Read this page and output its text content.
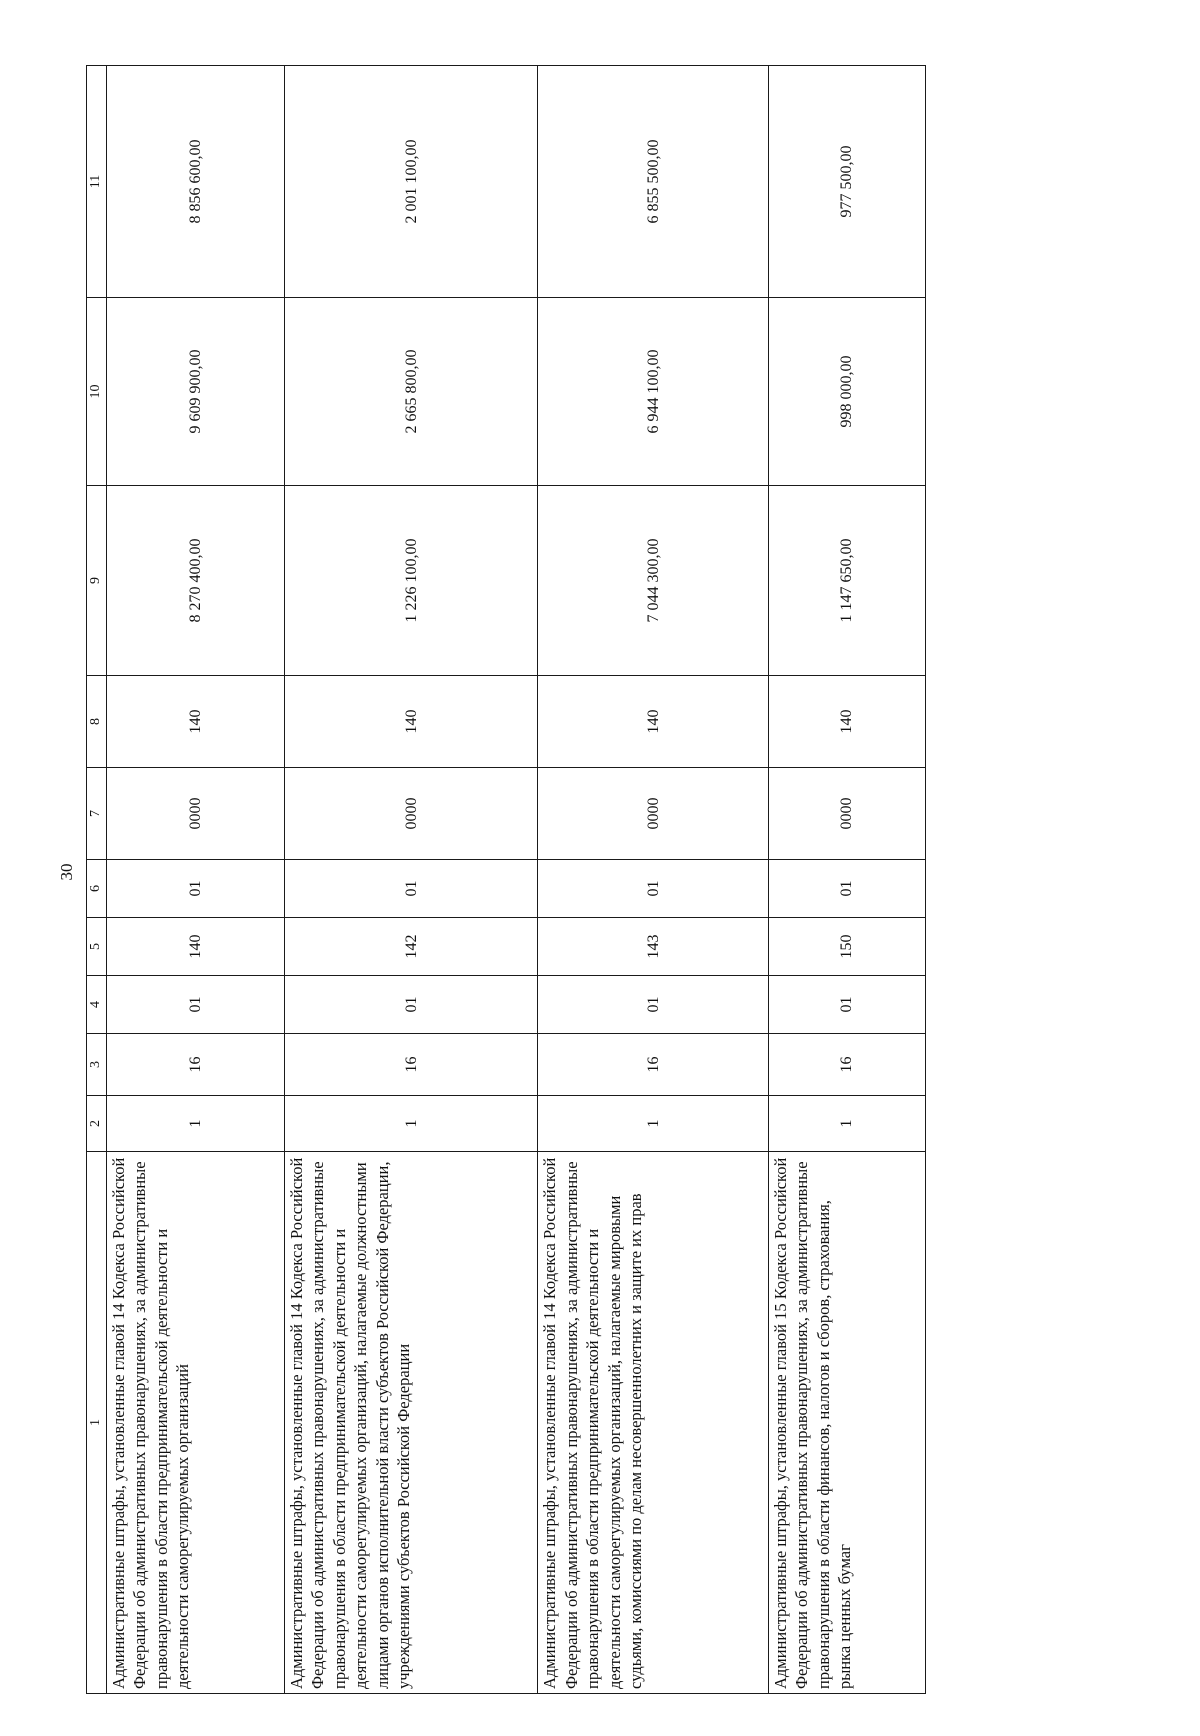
30
1	2	3	4	5	6	7	8	9	10	11
Административные штрафы, установленные главой 14 Кодекса Российской Федерации об административных правонарушениях, за административные правонарушения в области предпринимательской деятельности и деятельности саморегулируемых организаций	1	16	01	140	01	0000	140	8 270 400,00	9 609 900,00	8 856 600,00
Административные штрафы, установленные главой 14 Кодекса Российской Федерации об административных правонарушениях, за административные правонарушения в области предпринимательской деятельности и деятельности саморегулируемых организаций, налагаемые должностными лицами органов исполнительной власти субъектов Российской Федерации, учреждениями субъектов Российской Федерации	1	16	01	142	01	0000	140	1 226 100,00	2 665 800,00	2 001 100,00
Административные штрафы, установленные главой 14 Кодекса Российской Федерации об административных правонарушениях, за административные правонарушения в области предпринимательской деятельности и деятельности саморегулируемых организаций, налагаемые мировыми судьями, комиссиями по делам несовершеннолетних и защите их прав	1	16	01	143	01	0000	140	7 044 300,00	6 944 100,00	6 855 500,00
Административные штрафы, установленные главой 15 Кодекса Российской Федерации об административных правонарушениях, за административные правонарушения в области финансов, налогов и сборов, страхования, рынка ценных бумаг	1	16	01	150	01	0000	140	1 147 650,00	998 000,00	977 500,00
